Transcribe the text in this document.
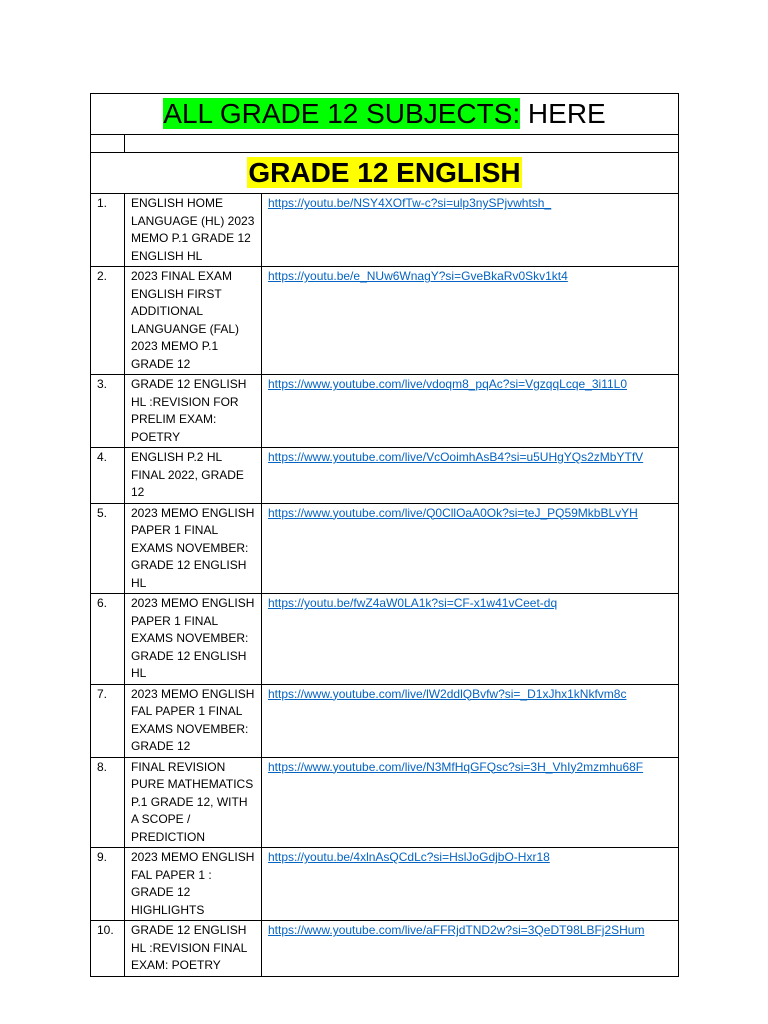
ALL GRADE 12 SUBJECTS: HERE		

GRADE 12 ENGLISH		
1.	ENGLISH HOME LANGUAGE (HL) 2023 MEMO P.1 GRADE 12 ENGLISH HL	https://youtu.be/NSY4XOfTw-c?si=ulp3nySPjvwhtsh_
2.	2023 FINAL EXAM ENGLISH FIRST ADDITIONAL LANGUANGE (FAL) 2023 MEMO P.1 GRADE 12	https://youtu.be/e_NUw6WnagY?si=GveBkaRv0Skv1kt4
3.	GRADE 12 ENGLISH HL :REVISION FOR PRELIM EXAM: POETRY	https://www.youtube.com/live/vdoqm8_pqAc?si=VgzqqLcqe_3i11L0
4.	ENGLISH P.2 HL FINAL 2022, GRADE 12	https://www.youtube.com/live/VcOoimhAsB4?si=u5UHgYQs2zMbYTfV
5.	2023 MEMO ENGLISH PAPER 1 FINAL EXAMS NOVEMBER: GRADE 12 ENGLISH HL	https://www.youtube.com/live/Q0CllOaA0Ok?si=teJ_PQ59MkbBLvYH
6.	2023 MEMO ENGLISH PAPER 1 FINAL EXAMS NOVEMBER: GRADE 12 ENGLISH HL	https://youtu.be/fwZ4aW0LA1k?si=CF-x1w41vCeet-dq
7.	2023 MEMO ENGLISH FAL PAPER 1 FINAL EXAMS NOVEMBER: GRADE 12	https://www.youtube.com/live/lW2ddlQBvfw?si=_D1xJhx1kNkfvm8c
8.	FINAL REVISION PURE MATHEMATICS P.1 GRADE 12, WITH A SCOPE / PREDICTION	https://www.youtube.com/live/N3MfHqGFQsc?si=3H_VhIy2mzmhu68F
9.	2023 MEMO ENGLISH FAL PAPER 1 : GRADE 12 HIGHLIGHTS	https://youtu.be/4xlnAsQCdLc?si=HslJoGdjbO-Hxr18
10.	GRADE 12 ENGLISH HL :REVISION FINAL EXAM: POETRY	https://www.youtube.com/live/aFFRjdTND2w?si=3QeDT98LBFj2SHum
